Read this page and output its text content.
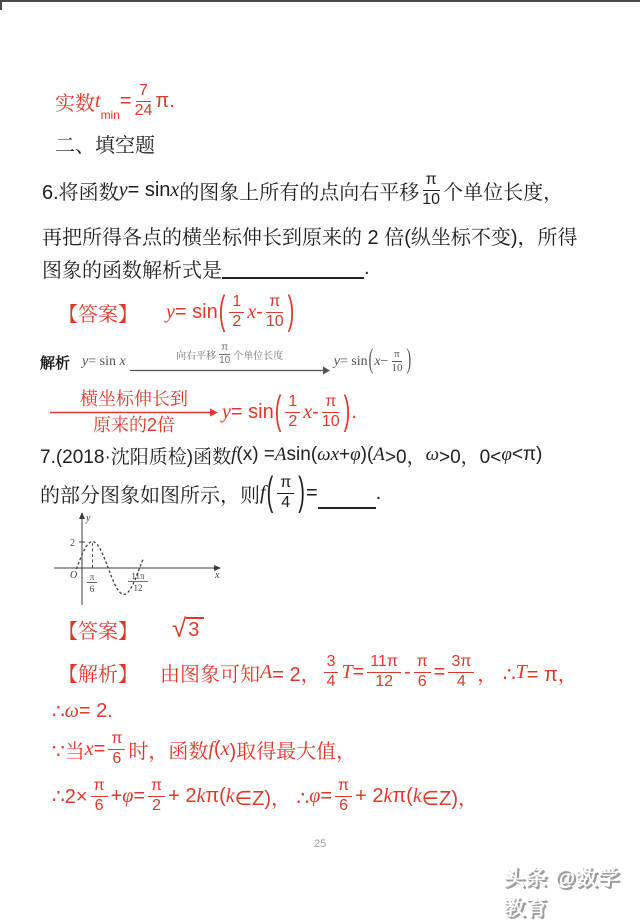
实数 t
min
= $\frac{7}{24} \pi$.
二、填空题
6.将函数 y = sin x 的图象上所有的点向右平移 $\frac{\pi}{10}$ 个单位长度，
再把所得各点的横坐标伸长到原来的 2 倍(纵坐标不变)，所得
图象的函数解析式是	.
【答案】 y = sin ( $\frac{1}{2}$ x - $\frac{\pi}{10}$ )
解析 y= sin x	向右平移 $\frac{\pi}{10}$ 个单位长度	$y= \sin(x- \frac{\pi}{10}$ )
横坐标伸长到
原来的2倍
y = sin ( $\frac{1}{2}$ x - $\frac{\pi}{10}$ ) .
7.(2018·沈阳质检)函数 f (x) = A sin( ωx + φ )( A >0， ω >0，0< φ <π)
的部分图象如图所示，则 f ( $\frac{\pi}{4}$ ) =	.
y
x
O
2
π
6
11π
12
【答案】 √ 3
【解析】 由图象可知 A = 2， $\frac{3}{4}$ $T = \frac{11\pi}{12} - \frac{\pi}{6} = \frac{3\pi}{4}$ ， ∴ T = π，
∴ ω = 2.
∵当 $x = \frac{\pi}{6}$ 时，函数 f ( x )取得最大值，
∴2× $\frac{\pi}{6} + \varphi = \frac{\pi}{2} + 2$ k π( k ∈Z)， ∴ $\varphi = \frac{\pi}{6} + 2$ k π( k ∈Z)，
25
头条 @数学教育
